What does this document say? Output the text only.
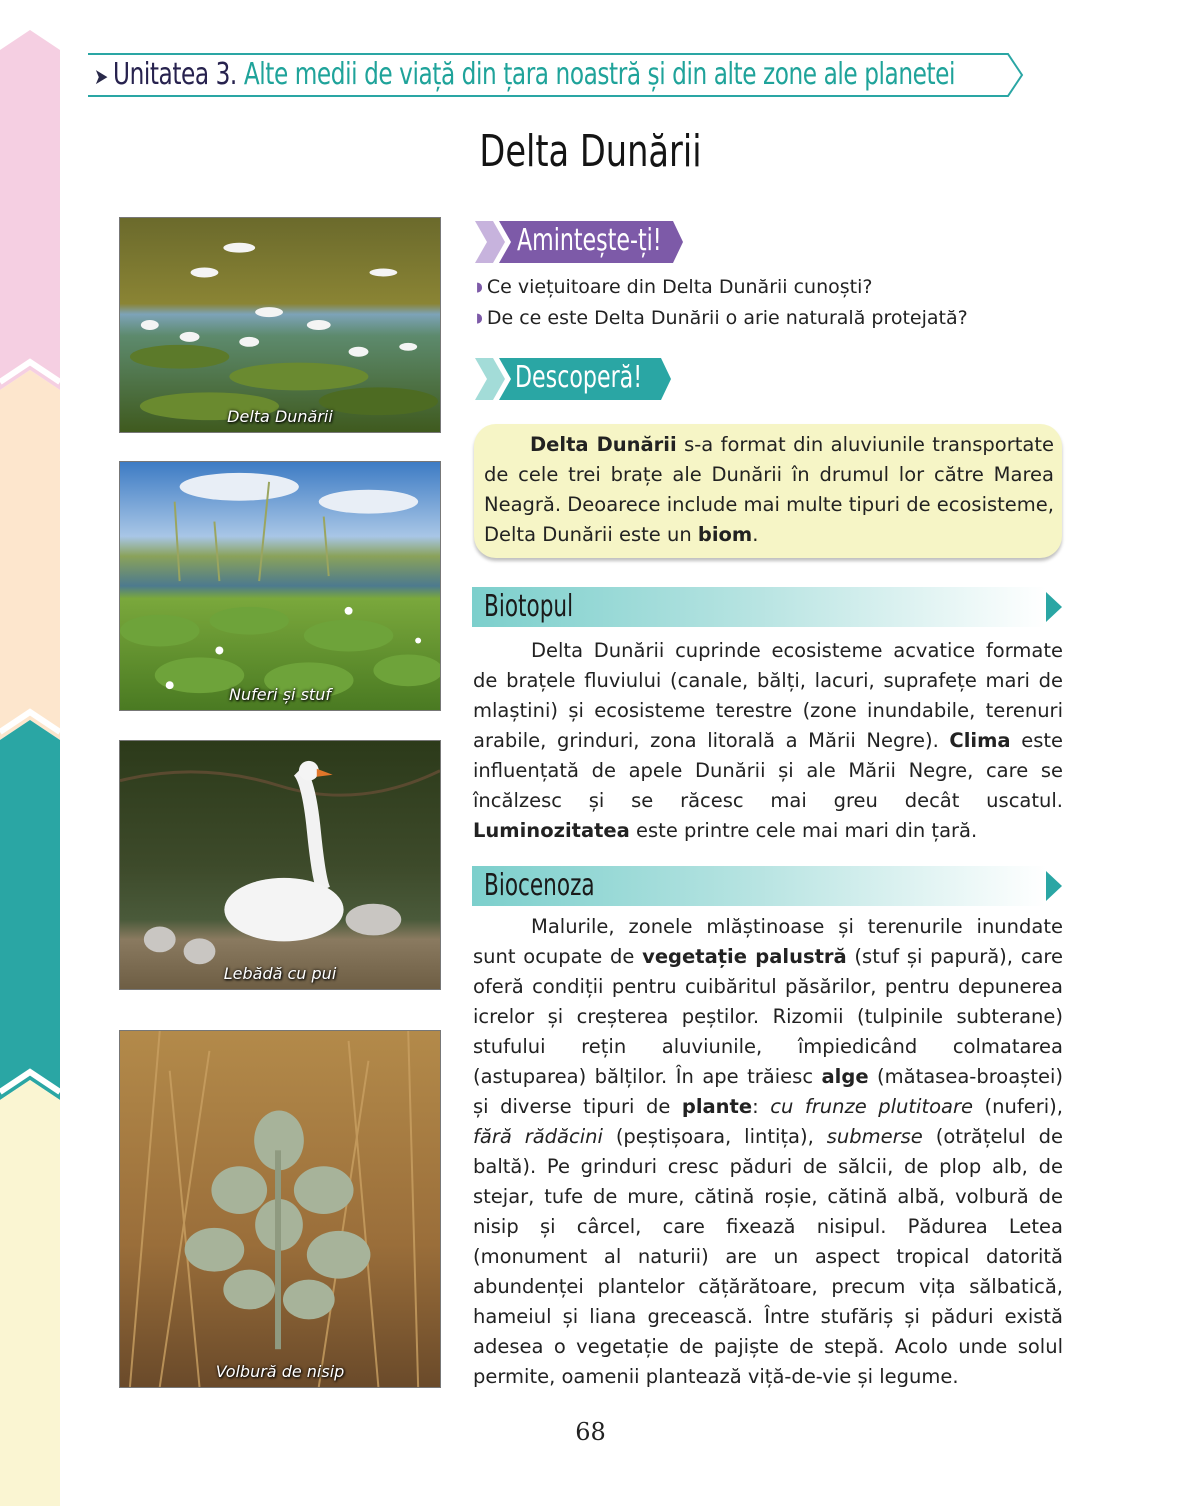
➤ Unitatea 3. Alte medii de viață din țara noastră și din alte zone ale planetei
Delta Dunării
Delta Dunării
Nuferi și stuf
Lebădă cu pui
Volbură de nisip
Amintește-ți!
◗ Ce viețuitoare din Delta Dunării cunoști?
◗ De ce este Delta Dunării o arie naturală protejată?
Descoperă!

Delta Dunării s-a format din aluviunile transportate de cele trei brațe ale Dunării în drumul lor către Marea Neagră. Deoarece include mai multe tipuri de ecosisteme, Delta Dunării este un biom.

Biotopul

Delta Dunării cuprinde ecosisteme acvatice formate de brațele fluviului (canale, bălți, lacuri, suprafețe mari de mlaștini) și ecosisteme terestre (zone inundabile, terenuri arabile, grinduri, zona litorală a Mării Negre). Clima este influențată de apele Dunării și ale Mării Negre, care se încălzesc și se răcesc mai greu decât uscatul. Luminozitatea este printre cele mai mari din țară.

Biocenoza

Malurile, zonele mlăștinoase și terenurile inundate sunt ocupate de vegetație palustră (stuf și papură), care oferă condiții pentru cuibăritul păsărilor, pentru depunerea icrelor și creșterea peștilor. Rizomii (tulpinile subterane) stufului rețin aluviunile, împiedicând colmatarea (astuparea) bălților. În ape trăiesc alge (mătasea-broaștei) și diverse tipuri de plante: cu frunze plutitoare (nuferi), fără rădăcini (peștișoara, lintița), submerse (otrățelul de baltă). Pe grinduri cresc păduri de sălcii, de plop alb, de stejar, tufe de mure, cătină roșie, cătină albă, volbură de nisip și cârcel, care fixează nisipul. Pădurea Letea (monument al naturii) are un aspect tropical datorită abundenței plantelor cățărătoare, precum vița sălbatică, hameiul și liana grecească. Între stufăriș și păduri există adesea o vegetație de pajiște de stepă. Acolo unde solul permite, oamenii plantează viță-de-vie și legume.

68
